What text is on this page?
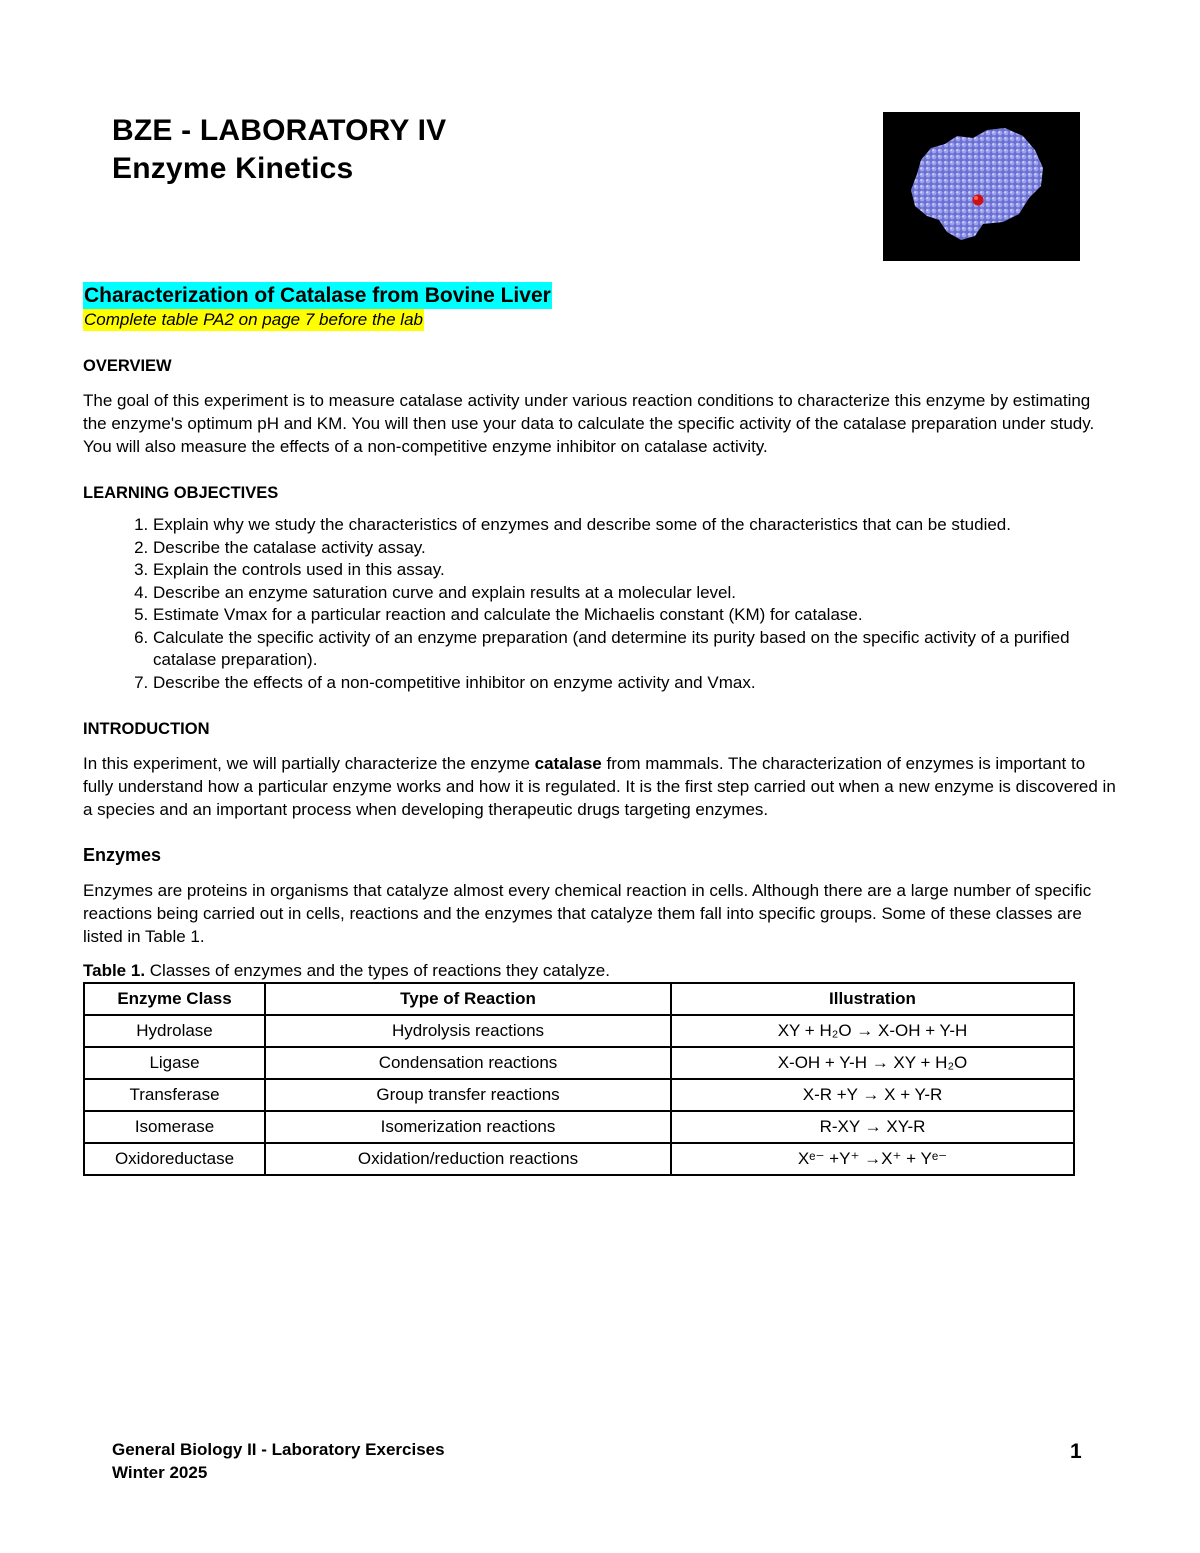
BZE - LABORATORY IV
Enzyme Kinetics
Characterization of Catalase from Bovine Liver
Complete table PA2 on page 7 before the lab
OVERVIEW

The goal of this experiment is to measure catalase activity under various reaction conditions to characterize this enzyme by estimating the enzyme's optimum pH and KM. You will then use your data to calculate the specific activity of the catalase preparation under study. You will also measure the effects of a non-competitive enzyme inhibitor on catalase activity.

LEARNING OBJECTIVES
1. Explain why we study the characteristics of enzymes and describe some of the characteristics that can be studied.
2. Describe the catalase activity assay.
3. Explain the controls used in this assay.
4. Describe an enzyme saturation curve and explain results at a molecular level.
5. Estimate Vmax for a particular reaction and calculate the Michaelis constant (KM) for catalase.
6. Calculate the specific activity of an enzyme preparation (and determine its purity based on the specific activity of a purified catalase preparation).
7. Describe the effects of a non-competitive inhibitor on enzyme activity and Vmax.
INTRODUCTION

In this experiment, we will partially characterize the enzyme catalase from mammals. The characterization of enzymes is important to fully understand how a particular enzyme works and how it is regulated. It is the first step carried out when a new enzyme is discovered in a species and an important process when developing therapeutic drugs targeting enzymes.

Enzymes

Enzymes are proteins in organisms that catalyze almost every chemical reaction in cells. Although there are a large number of specific reactions being carried out in cells, reactions and the enzymes that catalyze them fall into specific groups. Some of these classes are listed in Table 1.

Table 1. Classes of enzymes and the types of reactions they catalyze.
Enzyme Class	Type of Reaction	Illustration
Hydrolase	Hydrolysis reactions	XY + H₂O → X-OH + Y-H
Ligase	Condensation reactions	X-OH + Y-H → XY + H₂O
Transferase	Group transfer reactions	X-R +Y → X + Y-R
Isomerase	Isomerization reactions	R-XY → XY-R
Oxidoreductase	Oxidation/reduction reactions	Xᵉ⁻ +Y⁺ →X⁺ + Yᵉ⁻
General Biology II - Laboratory Exercises
Winter 2025
1
